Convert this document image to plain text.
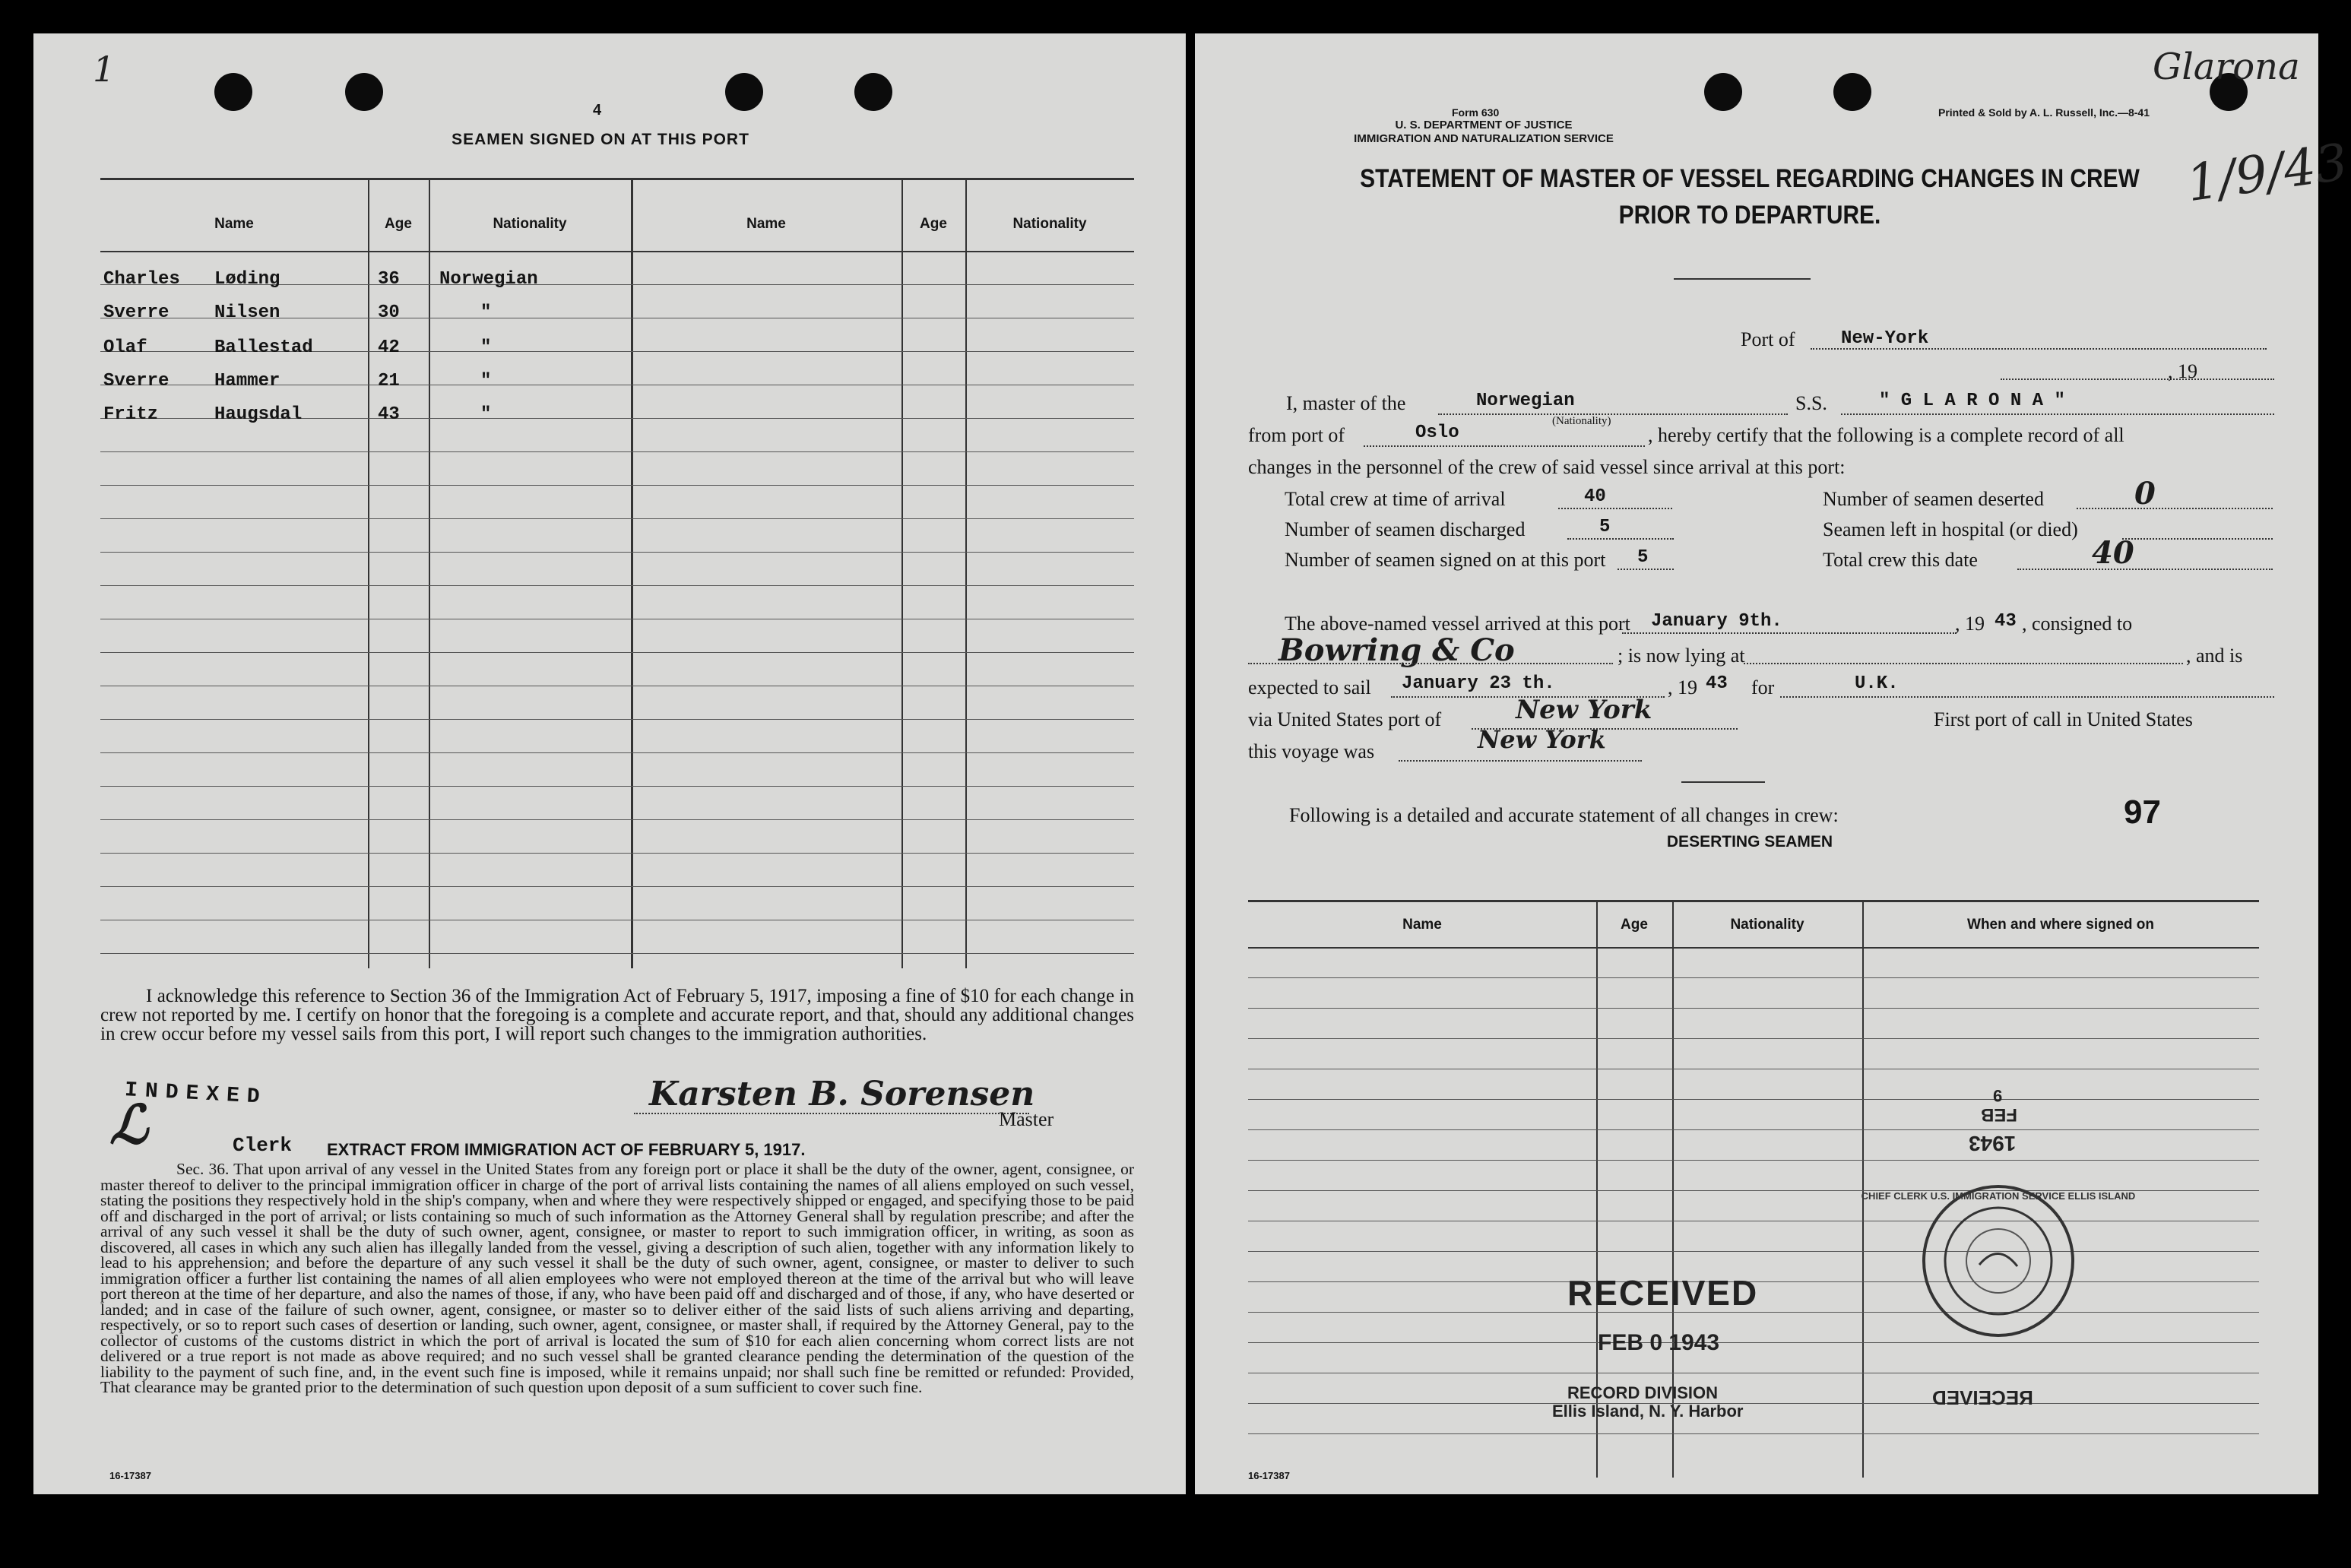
1
4
SEAMEN SIGNED ON AT THIS PORT
Name	Age	Nationality	Name	Age	Nationality
Charles Løding	36 Norwegian
Sverre Nilsen	30	"
Olaf	Ballestad	42	"
Sverre Hammer	21	"
Fritz	Haugsdal	43	"
I acknowledge this reference to Section 36 of the Immigration Act of February 5, 1917, imposing a fine of $10 for each change in crew not reported by me. I certify on honor that the foregoing is a complete and accurate report, and that, should any additional changes in crew occur before my vessel sails from this port, I will report such changes to the immigration authorities.
INDEXED
ℒ	Clerk
Karsten B. Sorensen
Master
EXTRACT FROM IMMIGRATION ACT OF FEBRUARY 5, 1917.
Sec. 36. That upon arrival of any vessel in the United States from any foreign port or place it shall be the duty of the owner, agent, consignee, or master thereof to deliver to the principal immigration officer in charge of the port of arrival lists containing the names of all aliens employed on such vessel, stating the positions they respectively hold in the ship's company, when and where they were respectively shipped or engaged, and specifying those to be paid off and discharged in the port of arrival; or lists containing so much of such information as the Attorney General shall by regulation prescribe; and after the arrival of any such vessel it shall be the duty of such owner, agent, consignee, or master to report to such immigration officer, in writing, as soon as discovered, all cases in which any such alien has illegally landed from the vessel, giving a description of such alien, together with any information likely to lead to his apprehension; and before the departure of any such vessel it shall be the duty of such owner, agent, consignee, or master to deliver to such immigration officer a further list containing the names of all alien employees who were not employed thereon at the time of the arrival but who will leave port thereon at the time of her departure, and also the names of those, if any, who have been paid off and discharged and of those, if any, who have deserted or landed; and in case of the failure of such owner, agent, consignee, or master so to deliver either of the said lists of such aliens arriving and departing, respectively, or so to report such cases of desertion or landing, such owner, agent, consignee, or master shall, if required by the Attorney General, pay to the collector of customs of the customs district in which the port of arrival is located the sum of $10 for each alien concerning whom correct lists are not delivered or a true report is not made as above required; and no such vessel shall be granted clearance pending the determination of the question of the liability to the payment of such fine, and, in the event such fine is imposed, while it remains unpaid; nor shall such fine be remitted or refunded: Provided, That clearance may be granted prior to the determination of such question upon deposit of a sum sufficient to cover such fine.
16-17387
Glarona
1/9/43
Form 630
U. S. DEPARTMENT OF JUSTICE
IMMIGRATION AND NATURALIZATION SERVICE
Printed & Sold by A. L. Russell, Inc.—8-41
STATEMENT OF MASTER OF VESSEL REGARDING CHANGES IN CREW
PRIOR TO DEPARTURE.
Port of	New-York
, 19
I, master of the	Norwegian
(Nationality)
S.S.	" G L A R O N A "
from port of	Oslo	, hereby certify that the following is a complete record of all
changes in the personnel of the crew of said vessel since arrival at this port:
Total crew at time of arrival	40	Number of seamen deserted	0
Number of seamen discharged	5	Seamen left in hospital (or died)
Number of seamen signed on at this port 5	Total crew this date	40
The above-named vessel arrived at this port January 9th.	, 19 43 , consigned to
Bowring & Co	; is now lying at	, and is
expected to sail January 23 th.	, 19 43 for	U.K.
via United States port of	New York	First port of call in United States
this voyage was	New York
Following is a detailed and accurate statement of all changes in crew:	97
DESERTING SEAMEN
Name	Age	Nationality	When and where signed on
RECEIVED
FEB 0 1943
RECORD DIVISION
Ellis Island, N. Y. Harbor
RECEIVED
1943
FEB
9
CHIEF CLERK U.S. IMMIGRATION SERVICE ELLIS ISLAND
16-17387
